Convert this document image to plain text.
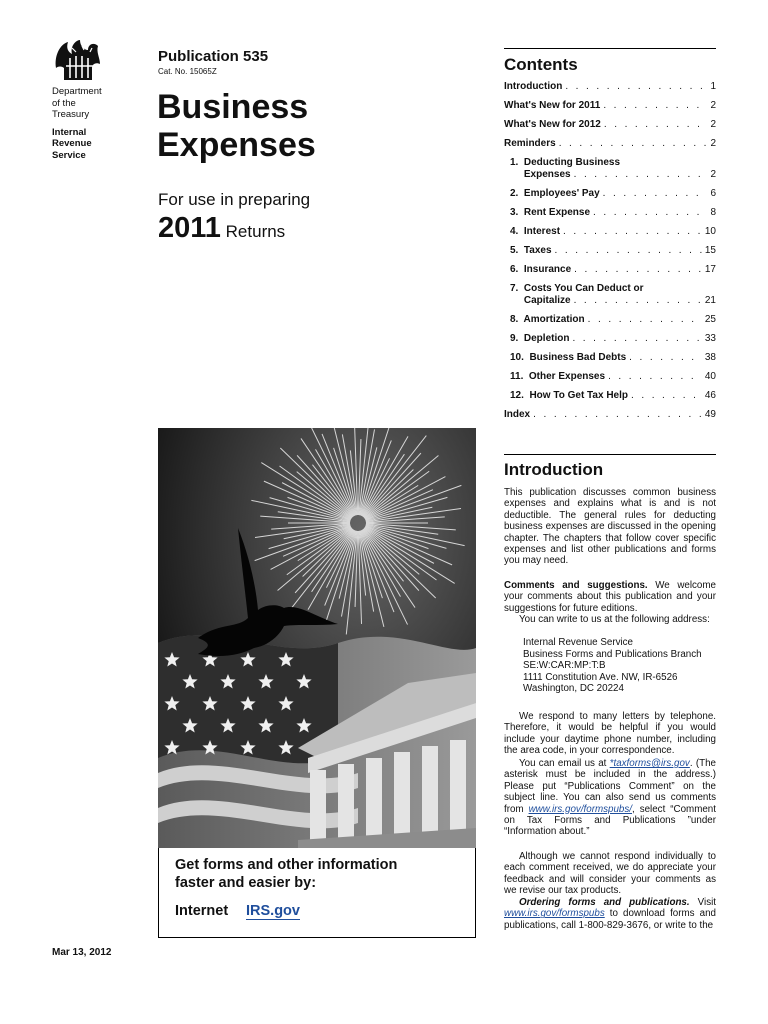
Department
of the
Treasury
Internal
Revenue
Service
Publication 535
Cat. No. 15065Z
Business
Expenses
For use in preparing
2011 Returns
Get forms and other information
faster and easier by:
Internet IRS.gov
Mar 13, 2012
Contents
Introduction . . .	1
What's New for 2011 . . .	2
What's New for 2012 . . .	2
Reminders . . .	2
1.  Deducting Business
Expenses . . .	2
2.  Employees' Pay . . .	6
3.  Rent Expense . . .	8
4.  Interest . . .	10
5.  Taxes . . .	15
6.  Insurance . . .	17
7.  Costs You Can Deduct or
Capitalize . . .	21
8.  Amortization . . .	25
9.  Depletion . . .	33
10.  Business Bad Debts . . .	38
11.  Other Expenses . . .	40
12.  How To Get Tax Help . . .	46
Index . . .	49
Introduction
This publication discusses common business expenses and explains what is and is not deductible. The general rules for deducting business expenses are discussed in the opening chapter. The chapters that follow cover specific expenses and list other publications and forms you may need.
Comments and suggestions. We welcome your comments about this publication and your suggestions for future editions.
You can write to us at the following address:
Internal Revenue Service
Business Forms and Publications Branch
SE:W:CAR:MP:T:B
1111 Constitution Ave. NW, IR-6526
Washington, DC 20224
We respond to many letters by telephone. Therefore, it would be helpful if you would include your daytime phone number, including the area code, in your correspondence.
You can email us at *taxforms@irs.gov. (The asterisk must be included in the address.) Please put “Publications Comment” on the subject line. You can also send us comments from www.irs.gov/formspubs/, select “Comment on Tax Forms and Publications ”under “Information about.”
Although we cannot respond individually to each comment received, we do appreciate your feedback and will consider your comments as we revise our tax products.
Ordering forms and publications. Visit www.irs.gov/formspubs to download forms and publications, call 1-800-829-3676, or write to the
